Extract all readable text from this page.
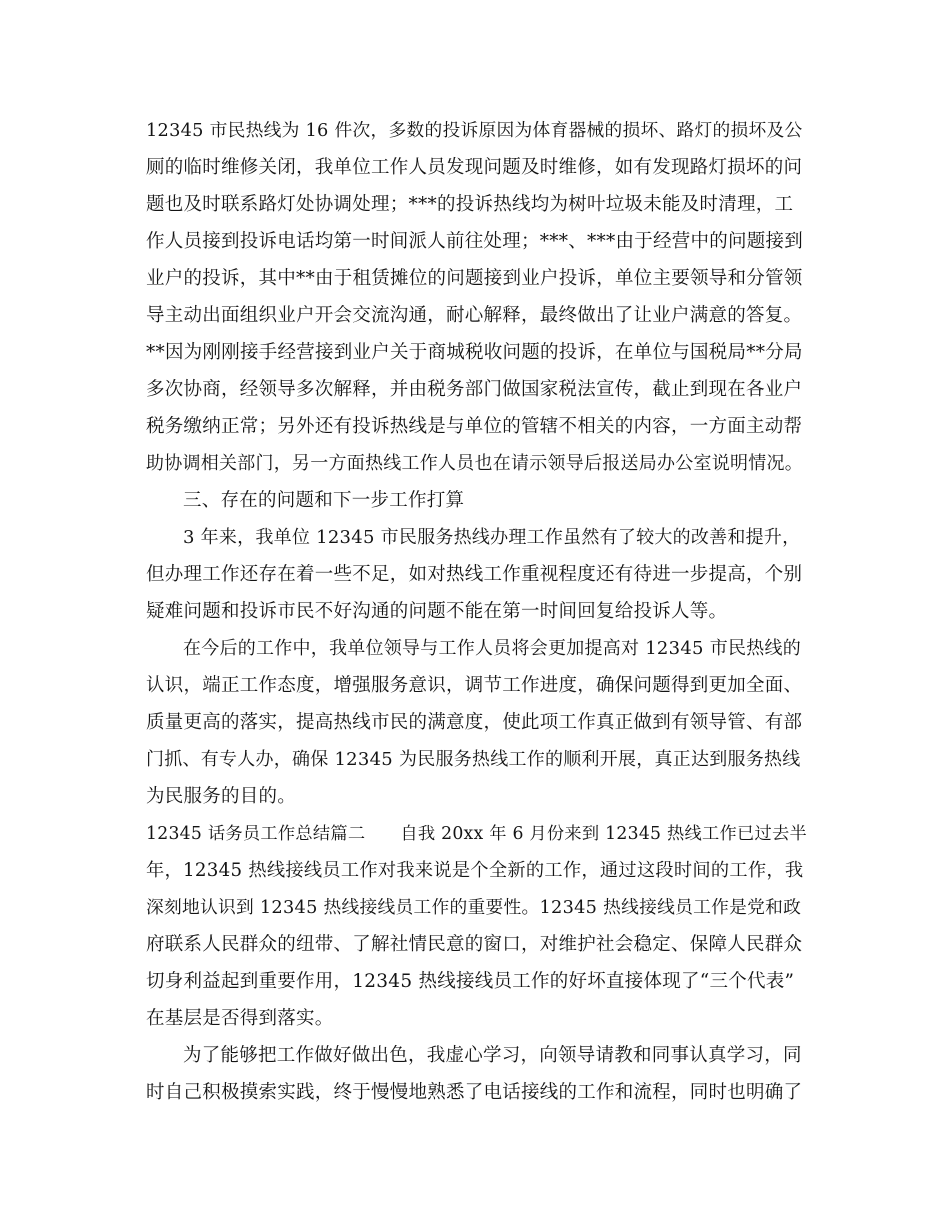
12345 市民热线为 16 件次，多数的投诉原因为体育器械的损坏、路灯的损坏及公

厕的临时维修关闭，我单位工作人员发现问题及时维修，如有发现路灯损坏的问

题也及时联系路灯处协调处理；***的投诉热线均为树叶垃圾未能及时清理，工

作人员接到投诉电话均第一时间派人前往处理；***、***由于经营中的问题接到

业户的投诉，其中**由于租赁摊位的问题接到业户投诉，单位主要领导和分管领

导主动出面组织业户开会交流沟通，耐心解释，最终做出了让业户满意的答复。

**因为刚刚接手经营接到业户关于商城税收问题的投诉，在单位与国税局**分局

多次协商，经领导多次解释，并由税务部门做国家税法宣传，截止到现在各业户

税务缴纳正常；另外还有投诉热线是与单位的管辖不相关的内容，一方面主动帮

助协调相关部门，另一方面热线工作人员也在请示领导后报送局办公室说明情况。

三、存在的问题和下一步工作打算

3 年来，我单位 12345 市民服务热线办理工作虽然有了较大的改善和提升，

但办理工作还存在着一些不足，如对热线工作重视程度还有待进一步提高，个别

疑难问题和投诉市民不好沟通的问题不能在第一时间回复给投诉人等。

在今后的工作中，我单位领导与工作人员将会更加提高对 12345 市民热线的

认识，端正工作态度，增强服务意识，调节工作进度，确保问题得到更加全面、

质量更高的落实，提高热线市民的满意度，使此项工作真正做到有领导管、有部

门抓、有专人办，确保 12345 为民服务热线工作的顺利开展，真正达到服务热线

为民服务的目的。

12345 话务员工作总结篇二　　自我 20xx 年 6 月份来到 12345 热线工作已过去半

年，12345 热线接线员工作对我来说是个全新的工作，通过这段时间的工作，我

深刻地认识到 12345 热线接线员工作的重要性。12345 热线接线员工作是党和政

府联系人民群众的纽带、了解社情民意的窗口，对维护社会稳定、保障人民群众

切身利益起到重要作用，12345 热线接线员工作的好坏直接体现了“三个代表”

在基层是否得到落实。

为了能够把工作做好做出色，我虚心学习，向领导请教和同事认真学习，同

时自己积极摸索实践，终于慢慢地熟悉了电话接线的工作和流程，同时也明确了
